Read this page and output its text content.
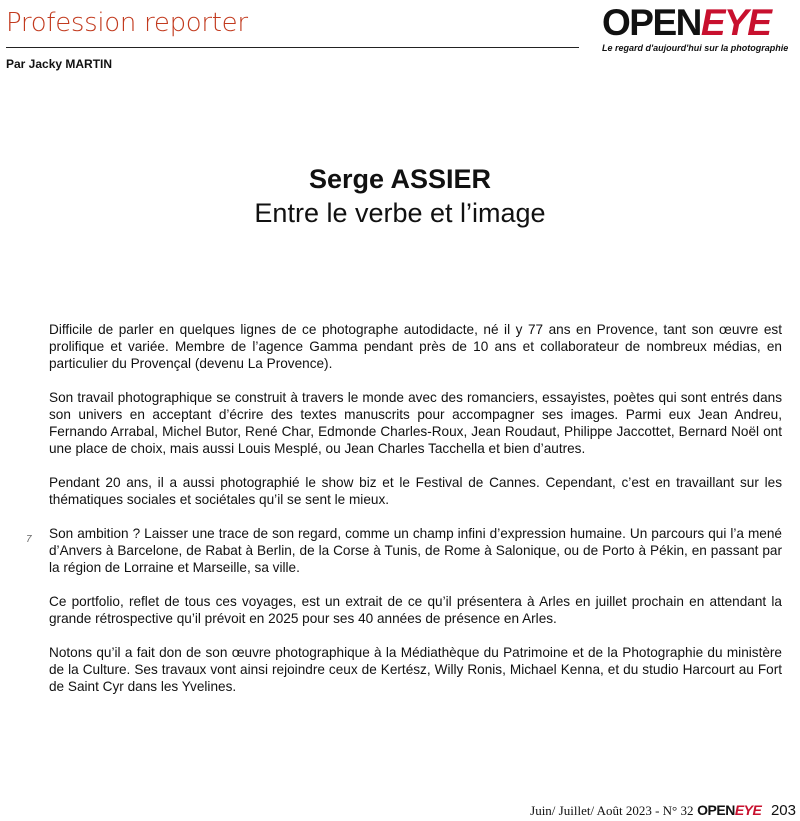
Profession reporter
Par Jacky MARTIN
OPENEYE
Le regard d'aujourd'hui sur la photographie
Serge ASSIER
Entre le verbe et l’image
7

Difficile de parler en quelques lignes de ce photographe autodidacte, né il y 77 ans en Provence, tant son œuvre est prolifique et variée. Membre de l’agence Gamma pendant près de 10 ans et collaborateur de nombreux médias, en particulier du Provençal (devenu La Provence).

Son travail photographique se construit à travers le monde avec des romanciers, essayistes, poètes qui sont entrés dans son univers en acceptant d’écrire des textes manuscrits pour accompagner ses images. Parmi eux Jean Andreu, Fernando Arrabal, Michel Butor, René Char, Edmonde Charles-Roux, Jean Roudaut, Philippe Jaccottet, Bernard Noël ont une place de choix, mais aussi Louis Mesplé, ou Jean Charles Tacchella et bien d’autres.

Pendant 20 ans, il a aussi photographié le show biz et le Festival de Cannes. Cependant, c’est en travaillant sur les thématiques sociales et sociétales qu’il se sent le mieux.

Son ambition ? Laisser une trace de son regard, comme un champ infini d’expression humaine. Un parcours qui l’a mené d’Anvers à Barcelone, de Rabat à Berlin, de la Corse à Tunis, de Rome à Salonique, ou de Porto à Pékin, en passant par la région de Lorraine et Marseille, sa ville.

Ce portfolio, reflet de tous ces voyages, est un extrait de ce qu’il présentera à Arles en juillet prochain en attendant la grande rétrospective qu’il prévoit en 2025 pour ses 40 années de présence en Arles.

Notons qu’il a fait don de son œuvre photographique à la Médiathèque du Patrimoine et de la Photographie du ministère de la Culture. Ses travaux vont ainsi rejoindre ceux de Kertész, Willy Ronis, Michael Kenna, et du studio Harcourt au Fort de Saint Cyr dans les Yvelines.

Juin/ Juillet/ Août 2023 - N° 32 OPENEYE 203
